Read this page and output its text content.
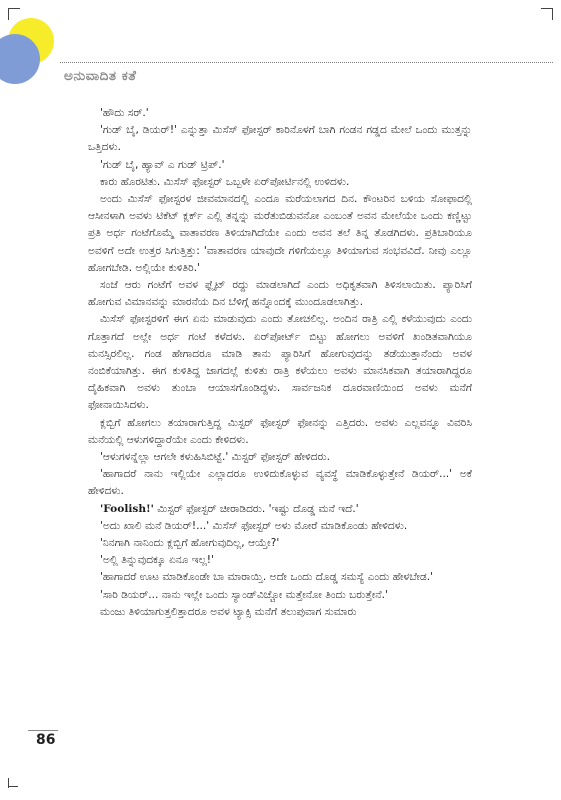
ಅನುವಾದಿತ ಕತೆ

'ಹೌದು ಸರ್.'

'ಗುಡ್ ಬೈ, ಡಿಯರ್!' ಎನ್ನುತ್ತಾ ಮಿಸೆಸ್ ಫೋಸ್ಟರ್ ಕಾರಿನೊಳಗೆ ಬಾಗಿ ಗಂಡನ ಗಡ್ಡದ ಮೇಲೆ ಒಂದು ಮುತ್ತನ್ನು ಒತ್ತಿದಳು.

'ಗುಡ್ ಬೈ, ಹ್ಯಾವ್ ಎ ಗುಡ್ ಟ್ರಿಪ್.'

ಕಾರು ಹೊರಟಿತು. ಮಿಸೆಸ್ ಫೋಸ್ಟರ್ ಒಬ್ಬಳೇ ಏರ್‌ಪೋರ್ಟಿನಲ್ಲಿ ಉಳಿದಳು.

ಅಂದು ಮಿಸೆಸ್ ಫೋಸ್ಟರಳ ಜೀವಮಾನದಲ್ಲಿ ಎಂದೂ ಮರೆಯಲಾಗದ ದಿನ. ಕೌಂಟರಿನ ಬಳಿಯ ಸೋಫಾದಲ್ಲಿ ಆಸೀನಳಾಗಿ ಅವಳು ಟಿಕೆಟ್ ಕ್ಲರ್ಕ್ ಎಲ್ಲಿ ತನ್ನನ್ನು ಮರೆತುಬಿಡುವನೋ ಎಂಬಂತೆ ಅವನ ಮೇಲೆಯೇ ಒಂದು ಕಣ್ಣಿಟ್ಟು ಪ್ರತಿ ಅರ್ಧ ಗಂಟೆಗೊಮ್ಮೆ ವಾತಾವರಣ ತಿಳಿಯಾಗಿದೆಯೇ ಎಂದು ಅವನ ತಲೆ ತಿನ್ನ ತೊಡಗಿದಳು. ಪ್ರತಿಬಾರಿಯೂ ಅವಳಿಗೆ ಅದೇ ಉತ್ತರ ಸಿಗುತ್ತಿತ್ತು: 'ವಾತಾವರಣ ಯಾವುದೇ ಗಳಿಗೆಯಲ್ಲೂ ತಿಳಿಯಾಗುವ ಸಂಭವವಿದೆ. ನೀವು ಎಲ್ಲೂ ಹೋಗಬೇಡಿ. ಅಲ್ಲಿಯೇ ಕುಳಿತಿರಿ.'

ಸಂಜೆ ಆರು ಗಂಟೆಗೆ ಅವಳ ಫ್ಲೈಟ್ ರದ್ದು ಮಾಡಲಾಗಿದೆ ಎಂದು ಅಧಿಕೃತವಾಗಿ ತಿಳಿಸಲಾಯಿತು. ಪ್ಯಾರಿಸಿಗೆ ಹೋಗುವ ವಿಮಾನವನ್ನು ಮಾರನೆಯ ದಿನ ಬೆಳಿಗ್ಗೆ ಹನ್ನೊಂದಕ್ಕೆ ಮುಂದೂಡಲಾಗಿತ್ತು.

ಮಿಸೆಸ್ ಫೋಸ್ಟರಳಿಗೆ ಈಗ ಏನು ಮಾಡುವುದು ಎಂದು ತೋಚಲಿಲ್ಲ. ಅಂದಿನ ರಾತ್ರಿ ಎಲ್ಲಿ ಕಳೆಯುವುದು ಎಂದು ಗೊತ್ತಾಗದೆ ಅಲ್ಲೇ ಅರ್ಧ ಗಂಟೆ ಕಳೆದಳು. ಏರ್‌ಪೋರ್ಟ್ ಬಿಟ್ಟು ಹೋಗಲು ಅವಳಿಗೆ ಖಂಡಿತವಾಗಿಯೂ ಮನಸ್ಸಿರಲಿಲ್ಲ. ಗಂಡ ಹೇಗಾದರೂ ಮಾಡಿ ತಾನು ಪ್ಯಾರಿಸಿಗೆ ಹೋಗುವುದನ್ನು ತಡೆಯುತ್ತಾನೆಂದು ಅವಳ ನಂಬಿಕೆಯಾಗಿತ್ತು. ಈಗ ಕುಳಿತಿದ್ದ ಜಾಗದಲ್ಲೆ ಕುಳಿತು ರಾತ್ರಿ ಕಳೆಯಲು ಅವಳು ಮಾನಸಿಕವಾಗಿ ತಯಾರಾಗಿದ್ದರೂ ದೈಹಿಕವಾಗಿ ಅವಳು ತುಂಬಾ ಆಯಾಸಗೊಂಡಿದ್ದಳು. ಸಾರ್ವಜನಿಕ ದೂರವಾಣಿಯಿಂದ ಅವಳು ಮನೆಗೆ ಫೋನಾಯಿಸಿದಳು.

ಕ್ಲಬ್ಬಿಗೆ ಹೋಗಲು ತಯಾರಾಗುತ್ತಿದ್ದ ಮಿಸ್ಟರ್ ಫೋಸ್ಟರ್ ಫೋನನ್ನು ಎತ್ತಿದರು. ಅವಳು ಎಲ್ಲವನ್ನೂ ವಿವರಿಸಿ ಮನೆಯಲ್ಲಿ ಆಳುಗಳಿದ್ದಾರೆಯೇ ಎಂದು ಕೇಳಿದಳು.

'ಆಳುಗಳನ್ನೆಲ್ಲಾ ಆಗಲೇ ಕಳುಹಿಸಿಬಿಟ್ಟೆ.' ಮಿಸ್ಟರ್ ಫೋಸ್ಟರ್ ಹೇಳಿದರು.

'ಹಾಗಾದರೆ ನಾನು ಇಲ್ಲಿಯೇ ಎಲ್ಲಾದರೂ ಉಳಿದುಕೊಳ್ಳುವ ವ್ಯವಸ್ಥೆ ಮಾಡಿಕೊಳ್ಳುತ್ತೇನೆ ಡಿಯರ್...' ಅಕೆ ಹೇಳಿದಳು.

'Foolish!' ಮಿಸ್ಟರ್ ಫೋಸ್ಟರ್ ಚೀರಾಡಿದರು. 'ಇಷ್ಟು ದೊಡ್ಡ ಮನೆ ಇದೆ.'

'ಅದು ಖಾಲಿ ಮನೆ ಡಿಯರ್!...' ಮಿಸೆಸ್ ಫೋಸ್ಟರ್ ಅಳು ಮೋರೆ ಮಾಡಿಕೊಂಡು ಹೇಳಿದಳು.

'ನಿನಗಾಗಿ ನಾನಿಂದು ಕ್ಲಬ್ಬಿಗೆ ಹೋಗುವುದಿಲ್ಲ, ಆಯ್ತೇ?'

'ಅಲ್ಲಿ ತಿನ್ನುವುದಕ್ಕೂ ಏನೂ ಇಲ್ಲ!'

'ಹಾಗಾದರೆ ಊಟ ಮಾಡಿಕೊಂಡೇ ಬಾ ಮಾರಾಯ್ತಿ. ಅದೇ ಒಂದು ದೊಡ್ಡ ಸಮಸ್ಯೆ ಎಂದು ಹೇಳಬೇಡ.'

'ಸಾರಿ ಡಿಯರ್... ನಾನು ಇಲ್ಲೇ ಒಂದು ಸ್ಯಾಂಡ್‌ವಿಚ್ಚೋ ಮತ್ತೇನೋ ತಿಂದು ಬರುತ್ತೇನೆ.'

ಮಂಜು ತಿಳಿಯಾಗುತ್ತಲಿತ್ತಾದರೂ ಅವಳ ಟ್ಯಾಕ್ಸಿ ಮನೆಗೆ ತಲುಪುವಾಗ ಸುಮಾರು

86
